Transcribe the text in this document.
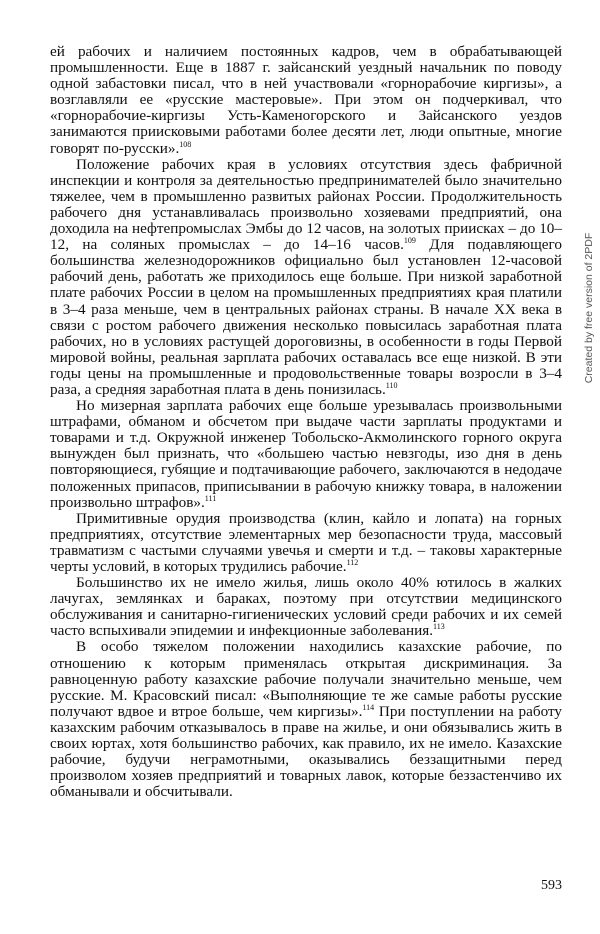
ей рабочих и наличием постоянных кадров, чем в обрабатывающей промышленности. Еще в 1887 г. зайсанский уездный начальник по поводу одной забастовки писал, что в ней участвовали «горнорабочие киргизы», а возглавляли ее «русские мастеровые». При этом он подчеркивал, что «горнорабочие-киргизы Усть-Каменогорского и Зайсанского уездов занимаются приисковыми работами более десяти лет, люди опытные, многие говорят по-русски».$^{108}$

Положение рабочих края в условиях отсутствия здесь фабричной инспекции и контроля за деятельностью предпринимателей было значительно тяжелее, чем в промышленно развитых районах России. Продолжительность рабочего дня устанавливалась произвольно хозяевами предприятий, она доходила на нефтепромыслах Эмбы до 12 часов, на золотых приисках – до 10–12, на соляных промыслах – до 14–16 часов.$^{109}$ Для подавляющего большинства железнодорожников официально был установлен 12-часовой рабочий день, работать же приходилось еще больше. При низкой заработной плате рабочих России в целом на промышленных предприятиях края платили в 3–4 раза меньше, чем в центральных районах страны. В начале XX века в связи с ростом рабочего движения несколько повысилась заработная плата рабочих, но в условиях растущей дороговизны, в особенности в годы Первой мировой войны, реальная зарплата рабочих оставалась все еще низкой. В эти годы цены на промышленные и продовольственные товары возросли в 3–4 раза, а средняя заработная плата в день понизилась.$^{110}$

Но мизерная зарплата рабочих еще больше урезывалась произвольными штрафами, обманом и обсчетом при выдаче части зарплаты продуктами и товарами и т.д. Окружной инженер Тобольско-Акмолинского горного округа вынужден был признать, что «большею частью невзгоды, изо дня в день повторяющиеся, губящие и подтачивающие рабочего, заключаются в недодаче положенных припасов, приписывании в рабочую книжку товара, в наложении произвольно штрафов».$^{111}$

Примитивные орудия производства (клин, кайло и лопата) на горных предприятиях, отсутствие элементарных мер безопасности труда, массовый травматизм с частыми случаями увечья и смерти и т.д. – таковы характерные черты условий, в которых трудились рабочие.$^{112}$

Большинство их не имело жилья, лишь около 40% ютилось в жалких лачугах, землянках и бараках, поэтому при отсутствии медицинского обслуживания и санитарно-гигиенических условий среди рабочих и их семей часто вспыхивали эпидемии и инфекционные заболевания.$^{113}$

В особо тяжелом положении находились казахские рабочие, по отношению к которым применялась открытая дискриминация. За равноценную работу казахские рабочие получали значительно меньше, чем русские. М. Красовский писал: «Выполняющие те же самые работы русские получают вдвое и втрое больше, чем киргизы».$^{114}$ При поступлении на работу казахским рабочим отказывалось в праве на жилье, и они обязывались жить в своих юртах, хотя большинство рабочих, как правило, их не имело. Казахские рабочие, будучи неграмотными, оказывались беззащитными перед произволом хозяев предприятий и товарных лавок, которые беззастенчиво их обманывали и обсчитывали.

Created by free version of 2PDF
593
